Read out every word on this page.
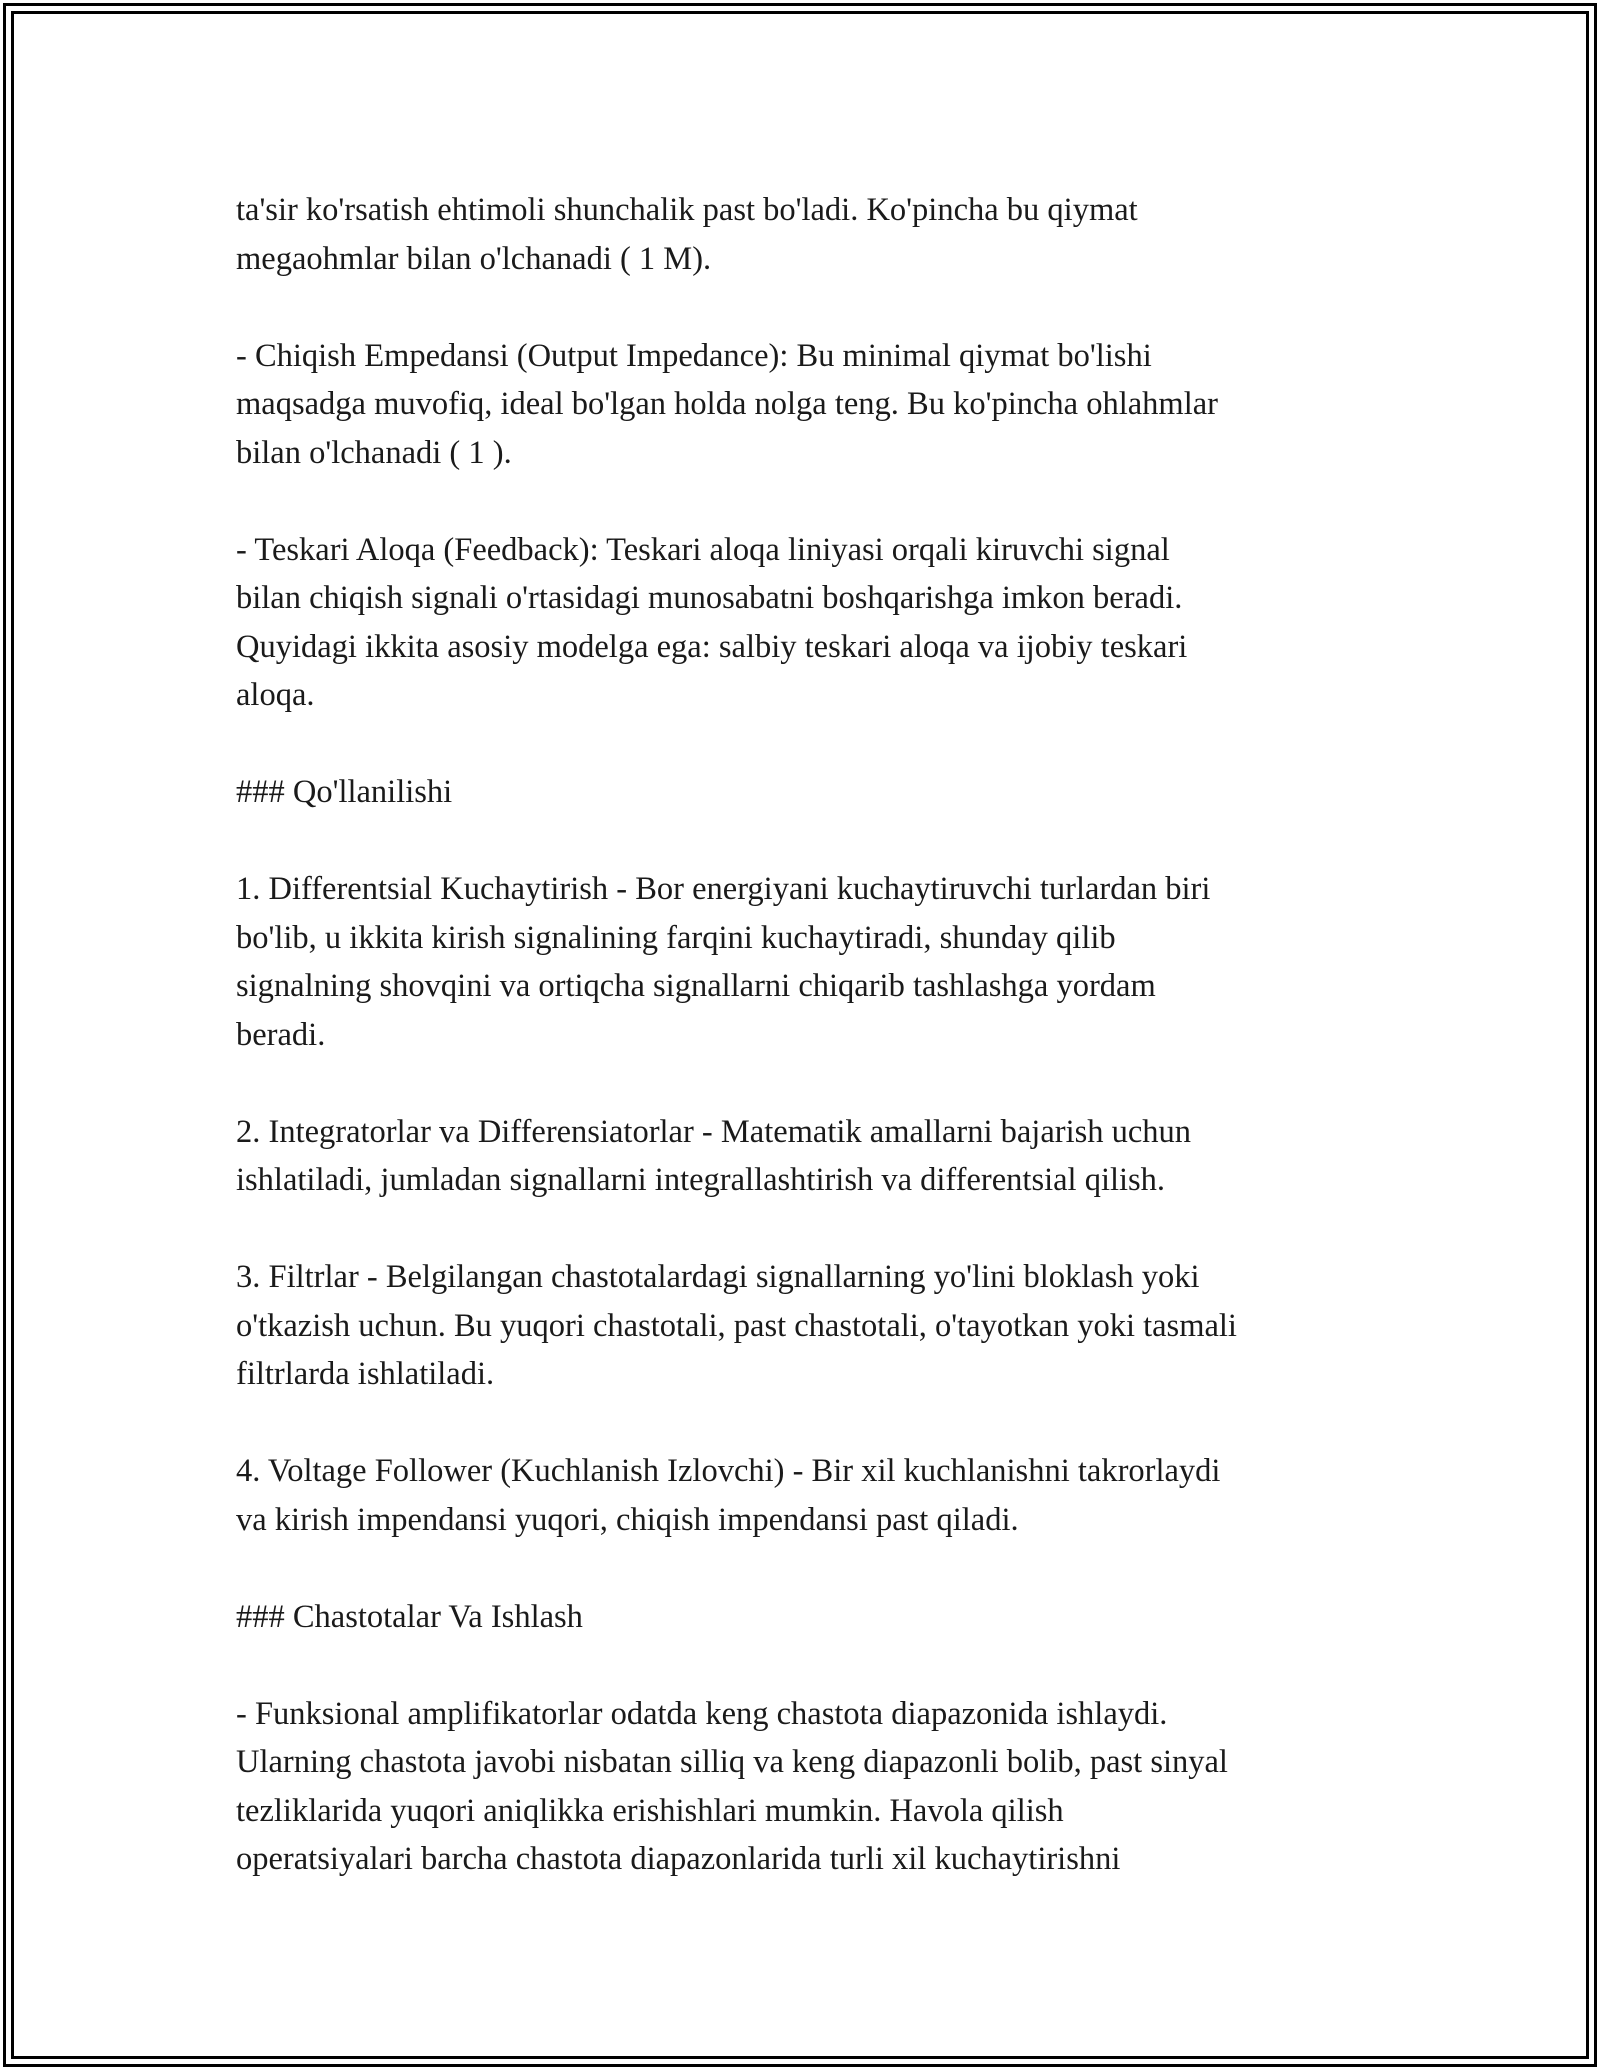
ta'sir ko'rsatish ehtimoli shunchalik past bo'ladi. Ko'pincha bu qiymat
megaohmlar bilan o'lchanadi ( 1 M).

- Chiqish Empedansi (Output Impedance): Bu minimal qiymat bo'lishi
maqsadga muvofiq, ideal bo'lgan holda nolga teng. Bu ko'pincha ohlahmlar
bilan o'lchanadi ( 1 ).

- Teskari Aloqa (Feedback): Teskari aloqa liniyasi orqali kiruvchi signal
bilan chiqish signali o'rtasidagi munosabatni boshqarishga imkon beradi.
Quyidagi ikkita asosiy modelga ega: salbiy teskari aloqa va ijobiy teskari
aloqa.

### Qo'llanilishi

1. Differentsial Kuchaytirish - Bor energiyani kuchaytiruvchi turlardan biri
bo'lib, u ikkita kirish signalining farqini kuchaytiradi, shunday qilib
signalning shovqini va ortiqcha signallarni chiqarib tashlashga yordam
beradi.

2. Integratorlar va Differensiatorlar - Matematik amallarni bajarish uchun
ishlatiladi, jumladan signallarni integrallashtirish va differentsial qilish.

3. Filtrlar - Belgilangan chastotalardagi signallarning yo'lini bloklash yoki
o'tkazish uchun. Bu yuqori chastotali, past chastotali, o'tayotkan yoki tasmali
filtrlarda ishlatiladi.

4. Voltage Follower (Kuchlanish Izlovchi) - Bir xil kuchlanishni takrorlaydi
va kirish impendansi yuqori, chiqish impendansi past qiladi.

### Chastotalar Va Ishlash

- Funksional amplifikatorlar odatda keng chastota diapazonida ishlaydi.
Ularning chastota javobi nisbatan silliq va keng diapazonli bolib, past sinyal
tezliklarida yuqori aniqlikka erishishlari mumkin. Havola qilish
operatsiyalari barcha chastota diapazonlarida turli xil kuchaytirishni
